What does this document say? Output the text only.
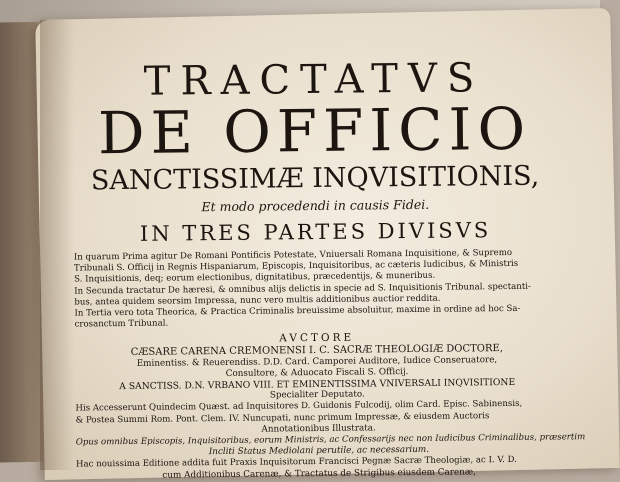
TRACTATVS
DE OFFICIO
SANCTISSIMÆ INQVISITIONIS,
Et modo procedendi in causis Fidei.
IN TRES PARTES DIVISVS
In quarum Prima agitur De Romani Pontificis Potestate, Vniuersali Romana Inquisitione, & Supremo
Tribunali S. Officij in Regnis Hispaniarum, Episcopis, Inquisitoribus, ac cæteris Iudicibus, & Ministris
S. Inquisitionis, deq; eorum electionibus, dignitatibus, præcedentijs, & muneribus.
In Secunda tractatur De hæresi, & omnibus alijs delictis in specie ad S. Inquisitionis Tribunal. spectanti-
bus, antea quidem seorsim Impressa, nunc vero multis additionibus auctior reddita.
In Tertia vero tota Theorica, & Practica Criminalis breuissime absoluitur, maxime in ordine ad hoc Sa-
crosanctum Tribunal.
AVCTORE
CÆSARE CARENA CREMONENSI I. C. SACRÆ THEOLOGIÆ DOCTORE,
Eminentiss. & Reuerendiss. D.D. Card. Camporei Auditore, Iudice Conseruatore,
Consultore, & Aduocato Fiscali S. Officij.
A SANCTISS. D.N. VRBANO VIII. ET EMINENTISSIMA VNIVERSALI INQVISITIONE
Specialiter Deputato.
His Accesserunt Quindecim Quæst. ad Inquisitores D. Guidonis Fulcodij, olim Card. Episc. Sabinensis,
& Postea Summi Rom. Pont. Clem. IV. Nuncupati, nunc primum Impressæ, & eiusdem Auctoris
Annotationibus Illustrata.
Opus omnibus Episcopis, Inquisitoribus, eorum Ministris, ac Confessarijs nec non Iudicibus Criminalibus, præsertim
Incliti Status Mediolani perutile, ac necessarium.
Hac nouissima Editione addita fuit Praxis Inquisitorum Francisci Pegnæ Sacræ Theologiæ, ac I. V. D.
cum Additionibus Carenæ, & Tractatus de Strigibus eiusdem Carenæ,
